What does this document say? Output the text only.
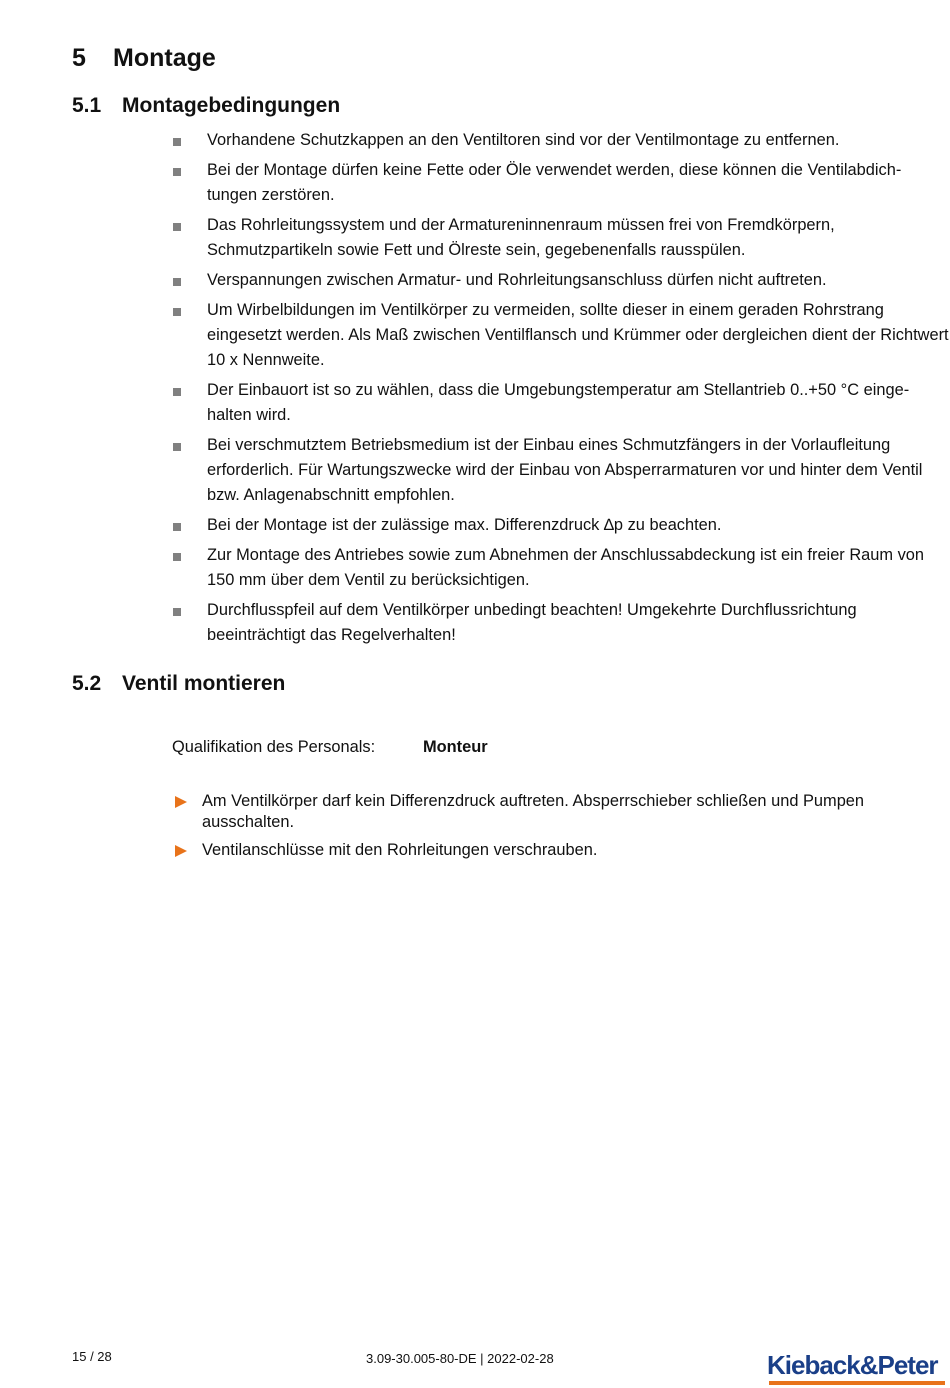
5 Montage
5.1 Montagebedingungen
Vorhandene Schutzkappen an den Ventiltoren sind vor der Ventilmontage zu entfernen.
Bei der Montage dürfen keine Fette oder Öle verwendet werden, diese können die Ventilabdich-​tungen zerstören.
Das Rohrleitungssystem und der Armatureninnenraum müssen frei von Fremdkörpern, Schmutzpartikeln sowie Fett und Ölreste sein, gegebenenfalls rausspülen.
Verspannungen zwischen Armatur- und Rohrleitungsanschluss dürfen nicht auftreten.
Um Wirbelbildungen im Ventilkörper zu vermeiden, sollte dieser in einem geraden Rohrstrang eingesetzt werden. Als Maß zwischen Ventilflansch und Krümmer oder dergleichen dient der Richtwert 10 x Nennweite.
Der Einbauort ist so zu wählen, dass die Umgebungstemperatur am Stellantrieb 0..+50 °C einge-​halten wird.
Bei verschmutztem Betriebsmedium ist der Einbau eines Schmutzfängers in der Vorlaufleitung erforderlich. Für Wartungszwecke wird der Einbau von Absperrarmaturen vor und hinter dem Ventil bzw. Anlagenabschnitt empfohlen.
Bei der Montage ist der zulässige max. Differenzdruck ∆p zu beachten.
Zur Montage des Antriebes sowie zum Abnehmen der Anschlussabdeckung ist ein freier Raum von 150 mm über dem Ventil zu berücksichtigen.
Durchflusspfeil auf dem Ventilkörper unbedingt beachten! Umgekehrte Durchflussrichtung beeinträchtigt das Regelverhalten!
5.2 Ventil montieren
Qualifikation des Personals:	Monteur
Am Ventilkörper darf kein Differenzdruck auftreten. Absperrschieber schließen und Pumpen ausschalten.
Ventilanschlüsse mit den Rohrleitungen verschrauben.
15 / 28	3.09-30.005-80-DE | 2022-02-28	Kieback&Peter
